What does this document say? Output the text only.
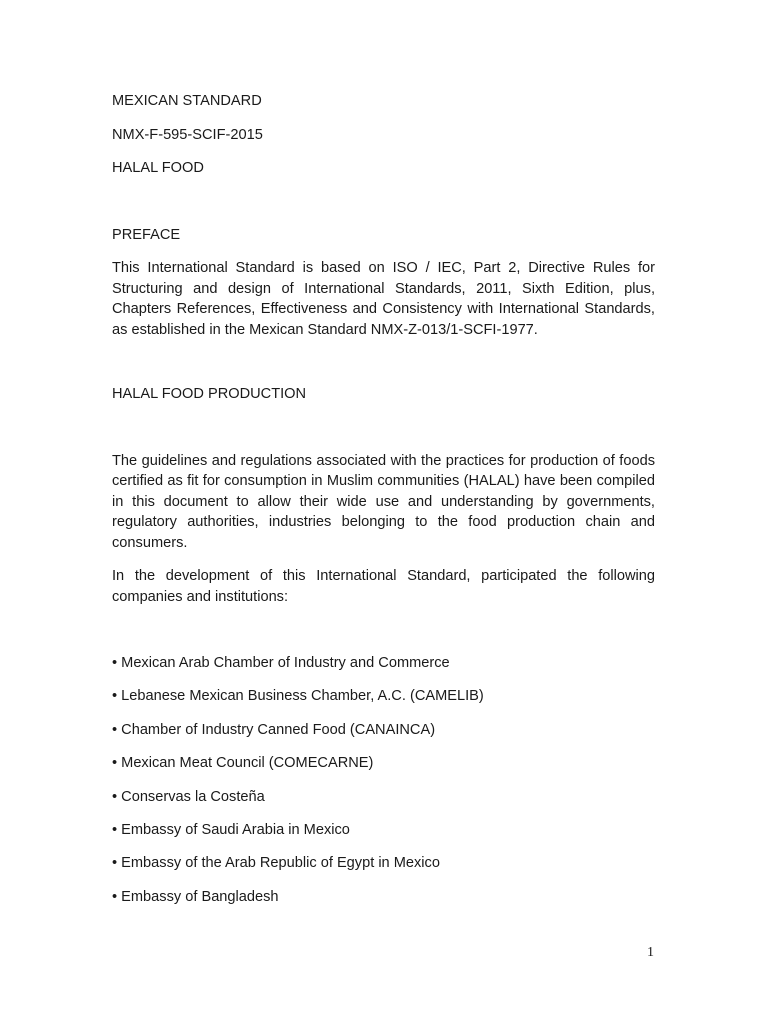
MEXICAN STANDARD

NMX-F-595-SCIF-2015

HALAL FOOD

PREFACE

This International Standard is based on ISO / IEC, Part 2, Directive Rules for Structuring and design of International Standards, 2011, Sixth Edition, plus, Chapters References, Effectiveness and Consistency with International Standards, as established in the Mexican Standard NMX-Z-013/1-SCFI-1977.

HALAL FOOD PRODUCTION

The guidelines and regulations associated with the practices for production of foods certified as fit for consumption in Muslim communities (HALAL) have been compiled in this document to allow their wide use and understanding by governments, regulatory authorities, industries belonging to the food production chain and consumers.

In the development of this International Standard, participated the following companies and institutions:

• Mexican Arab Chamber of Industry and Commerce
• Lebanese Mexican Business Chamber, A.C. (CAMELIB)
• Chamber of Industry Canned Food (CANAINCA)
• Mexican Meat Council (COMECARNE)
• Conservas la Costeña
• Embassy of Saudi Arabia in Mexico
• Embassy of the Arab Republic of Egypt in Mexico
• Embassy of Bangladesh
1
